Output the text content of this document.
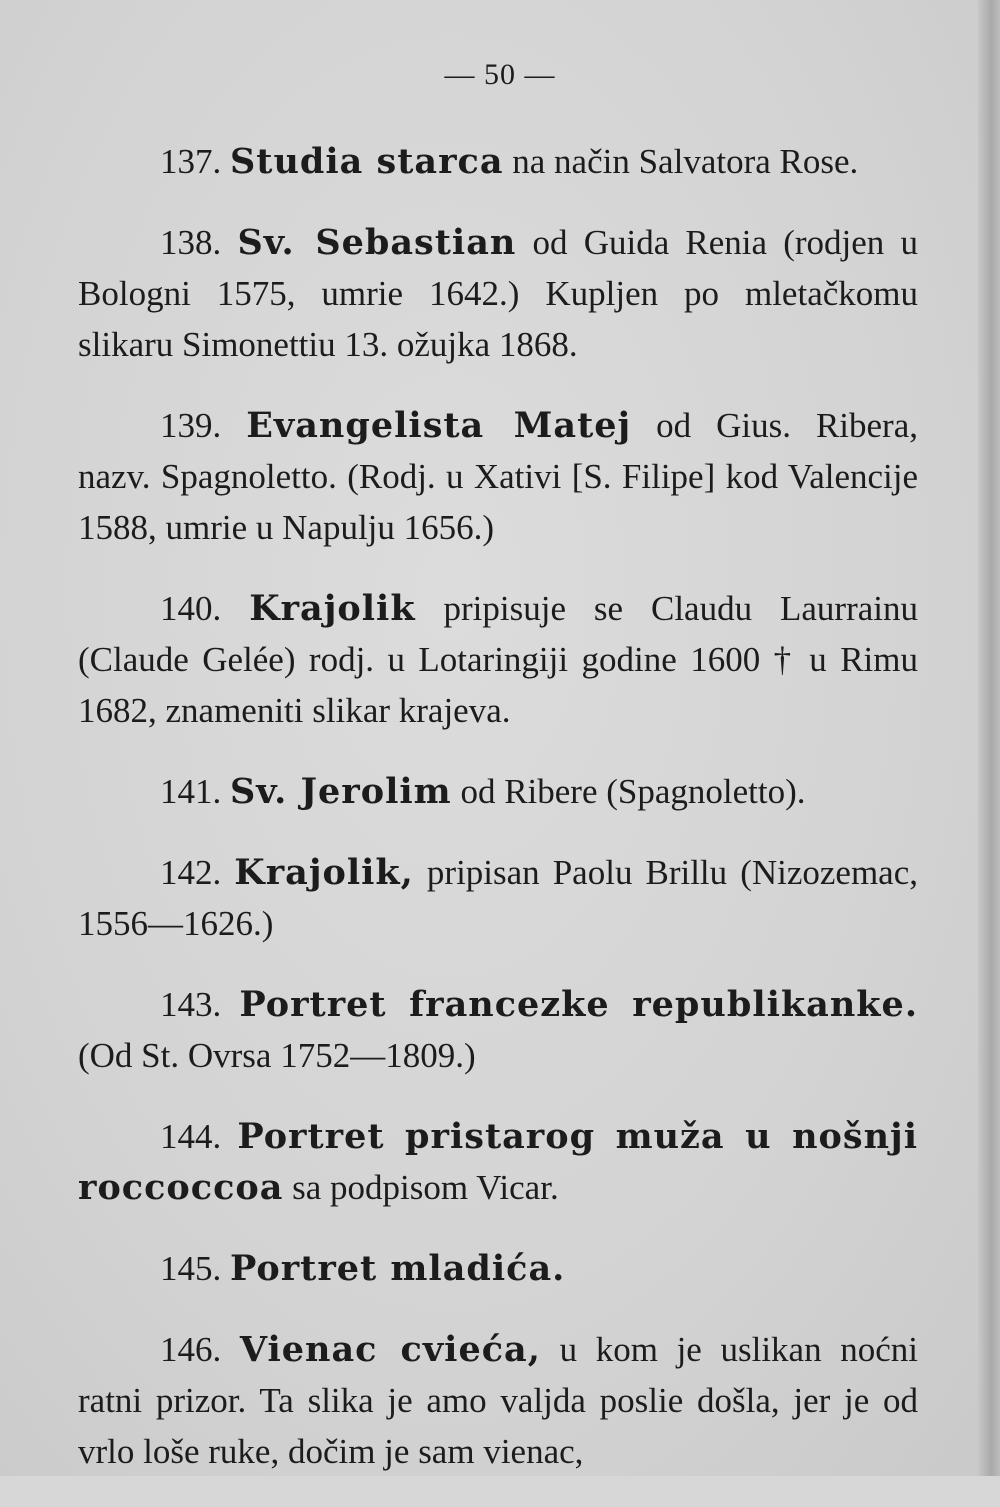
— 50 —

137. Studia starca na način Salvatora Rose.

138. Sv. Sebastian od Guida Renia (rodjen u Bologni 1575, umrie 1642.) Kupljen po mletačkomu slikaru Simonettiu 13. ožujka 1868.

139. Evangelista Matej od Gius. Ribera, nazv. Spagnoletto. (Rodj. u Xativi [S. Filipe] kod Valencije 1588, umrie u Napulju 1656.)

140. Krajolik pripisuje se Claudu Laurrainu (Claude Gelée) rodj. u Lotaringiji godine 1600 † u Rimu 1682, znameniti slikar krajeva.

141. Sv. Jerolim od Ribere (Spagnoletto).

142. Krajolik, pripisan Paolu Brillu (Nizozemac, 1556—1626.)

143. Portret francezke republikanke. (Od St. Ovrsa 1752—1809.)

144. Portret pristarog muža u nošnji roccoccoa sa podpisom Vicar.

145. Portret mladića.

146. Vienac cvieća, u kom je uslikan noćni ratni prizor. Ta slika je amo valjda poslie došla, jer je od vrlo loše ruke, dočim je sam vienac,
